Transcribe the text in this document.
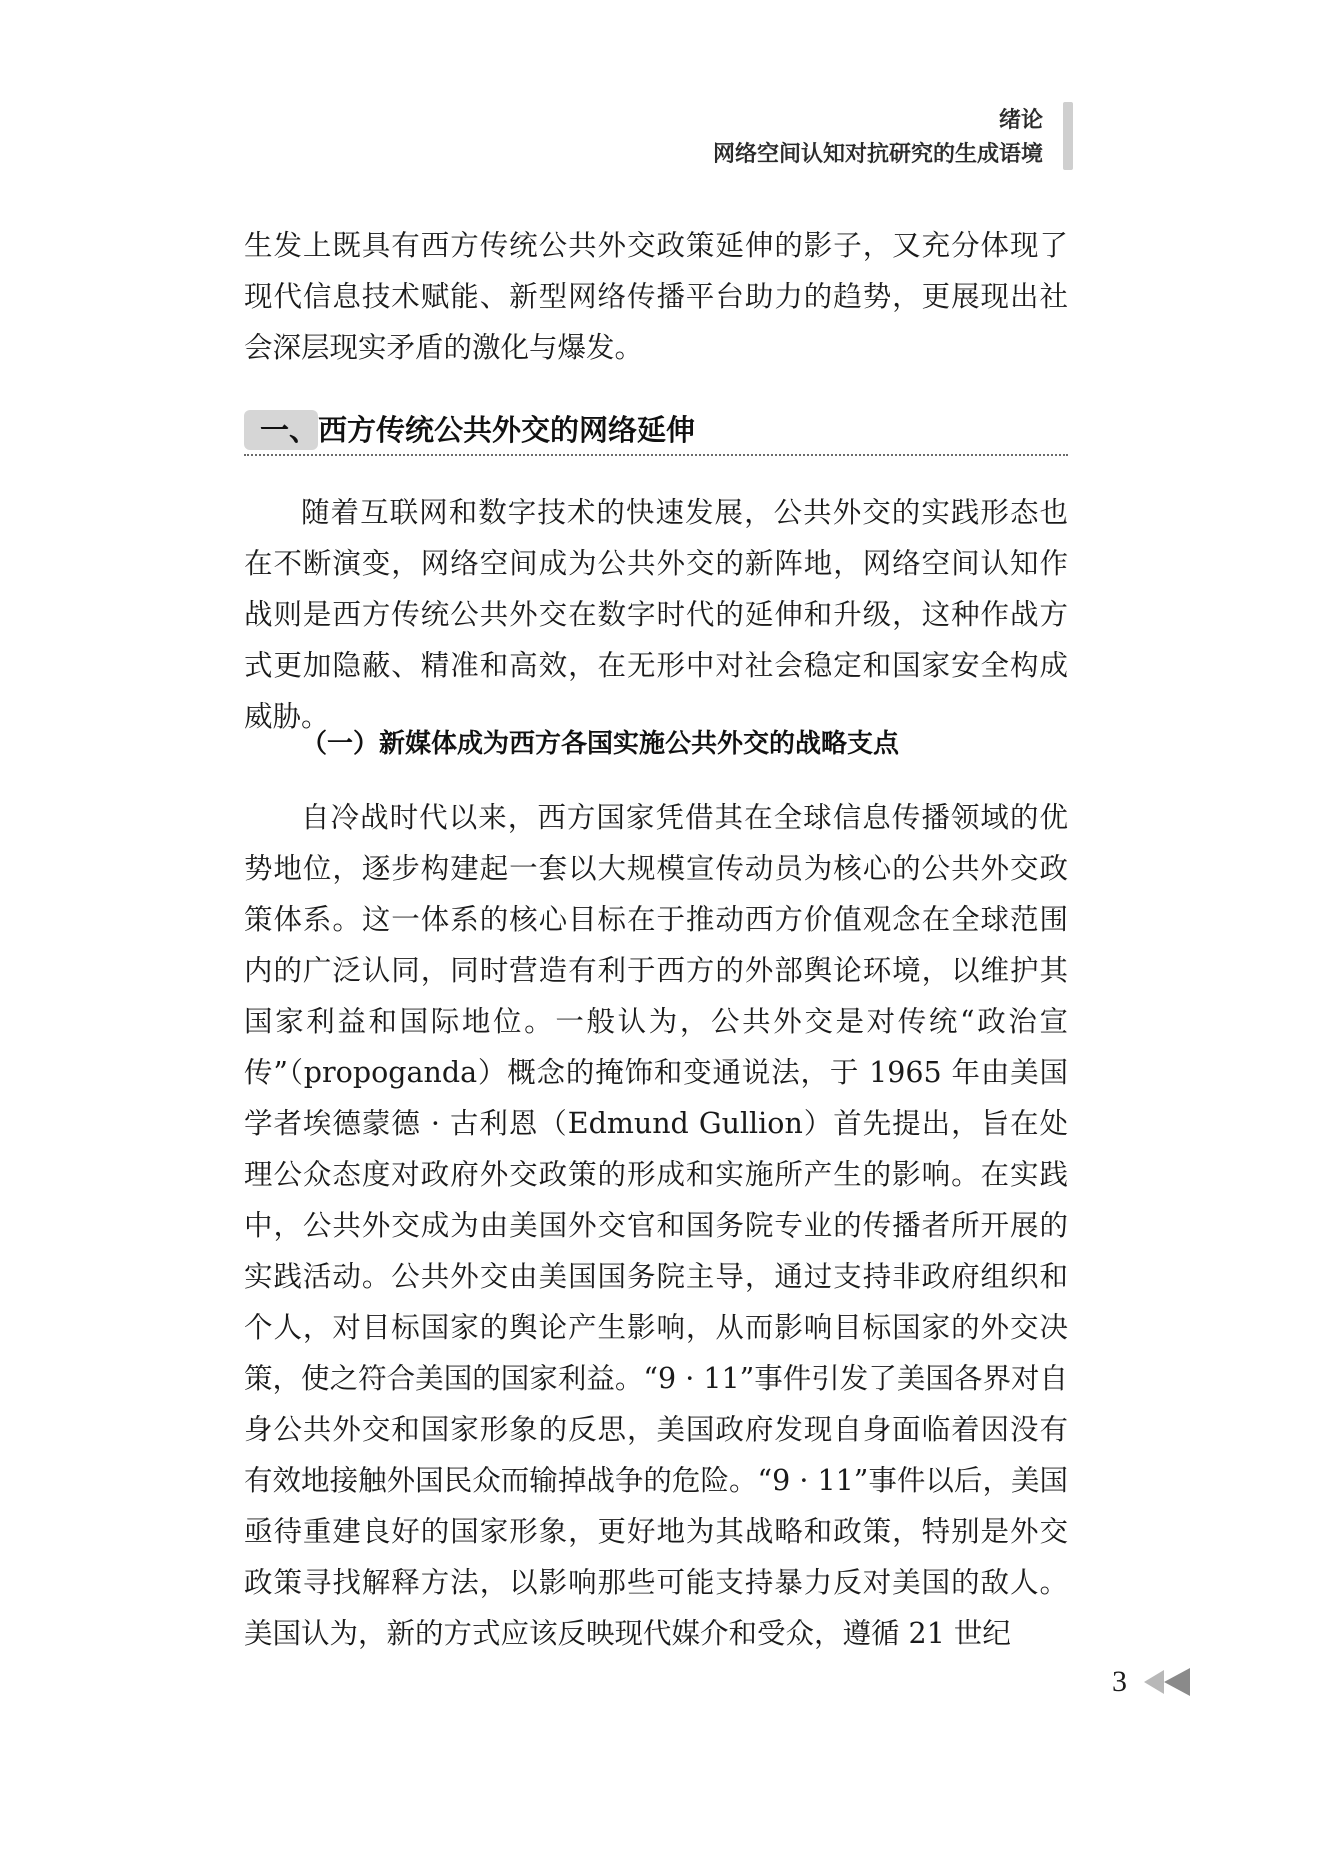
绪论
网络空间认知对抗研究的生成语境

生发上既具有西方传统公共外交政策延伸的影子，又充分体现了现代信息技术赋能、新型网络传播平台助力的趋势，更展现出社会深层现实矛盾的激化与爆发。

一、西方传统公共外交的网络延伸

随着互联网和数字技术的快速发展，公共外交的实践形态也在不断演变，网络空间成为公共外交的新阵地，网络空间认知作战则是西方传统公共外交在数字时代的延伸和升级，这种作战方式更加隐蔽、精准和高效，在无形中对社会稳定和国家安全构成威胁。

（一）新媒体成为西方各国实施公共外交的战略支点

自冷战时代以来，西方国家凭借其在全球信息传播领域的优势地位，逐步构建起一套以大规模宣传动员为核心的公共外交政策体系。这一体系的核心目标在于推动西方价值观念在全球范围内的广泛认同，同时营造有利于西方的外部舆论环境，以维护其国家利益和国际地位。一般认为，公共外交是对传统“政治宣传”（propoganda）概念的掩饰和变通说法，于 1965 年由美国学者埃德蒙德 · 古利恩（Edmund Gullion）首先提出，旨在处理公众态度对政府外交政策的形成和实施所产生的影响。在实践中，公共外交成为由美国外交官和国务院专业的传播者所开展的实践活动。公共外交由美国国务院主导，通过支持非政府组织和个人，对目标国家的舆论产生影响，从而影响目标国家的外交决策，使之符合美国的国家利益。“9 · 11”事件引发了美国各界对自身公共外交和国家形象的反思，美国政府发现自身面临着因没有有效地接触外国民众而输掉战争的危险。“9 · 11”事件以后，美国亟待重建良好的国家形象，更好地为其战略和政策，特别是外交政策寻找解释方法，以影响那些可能支持暴力反对美国的敌人。美国认为，新的方式应该反映现代媒介和受众，遵循 21 世纪

3
